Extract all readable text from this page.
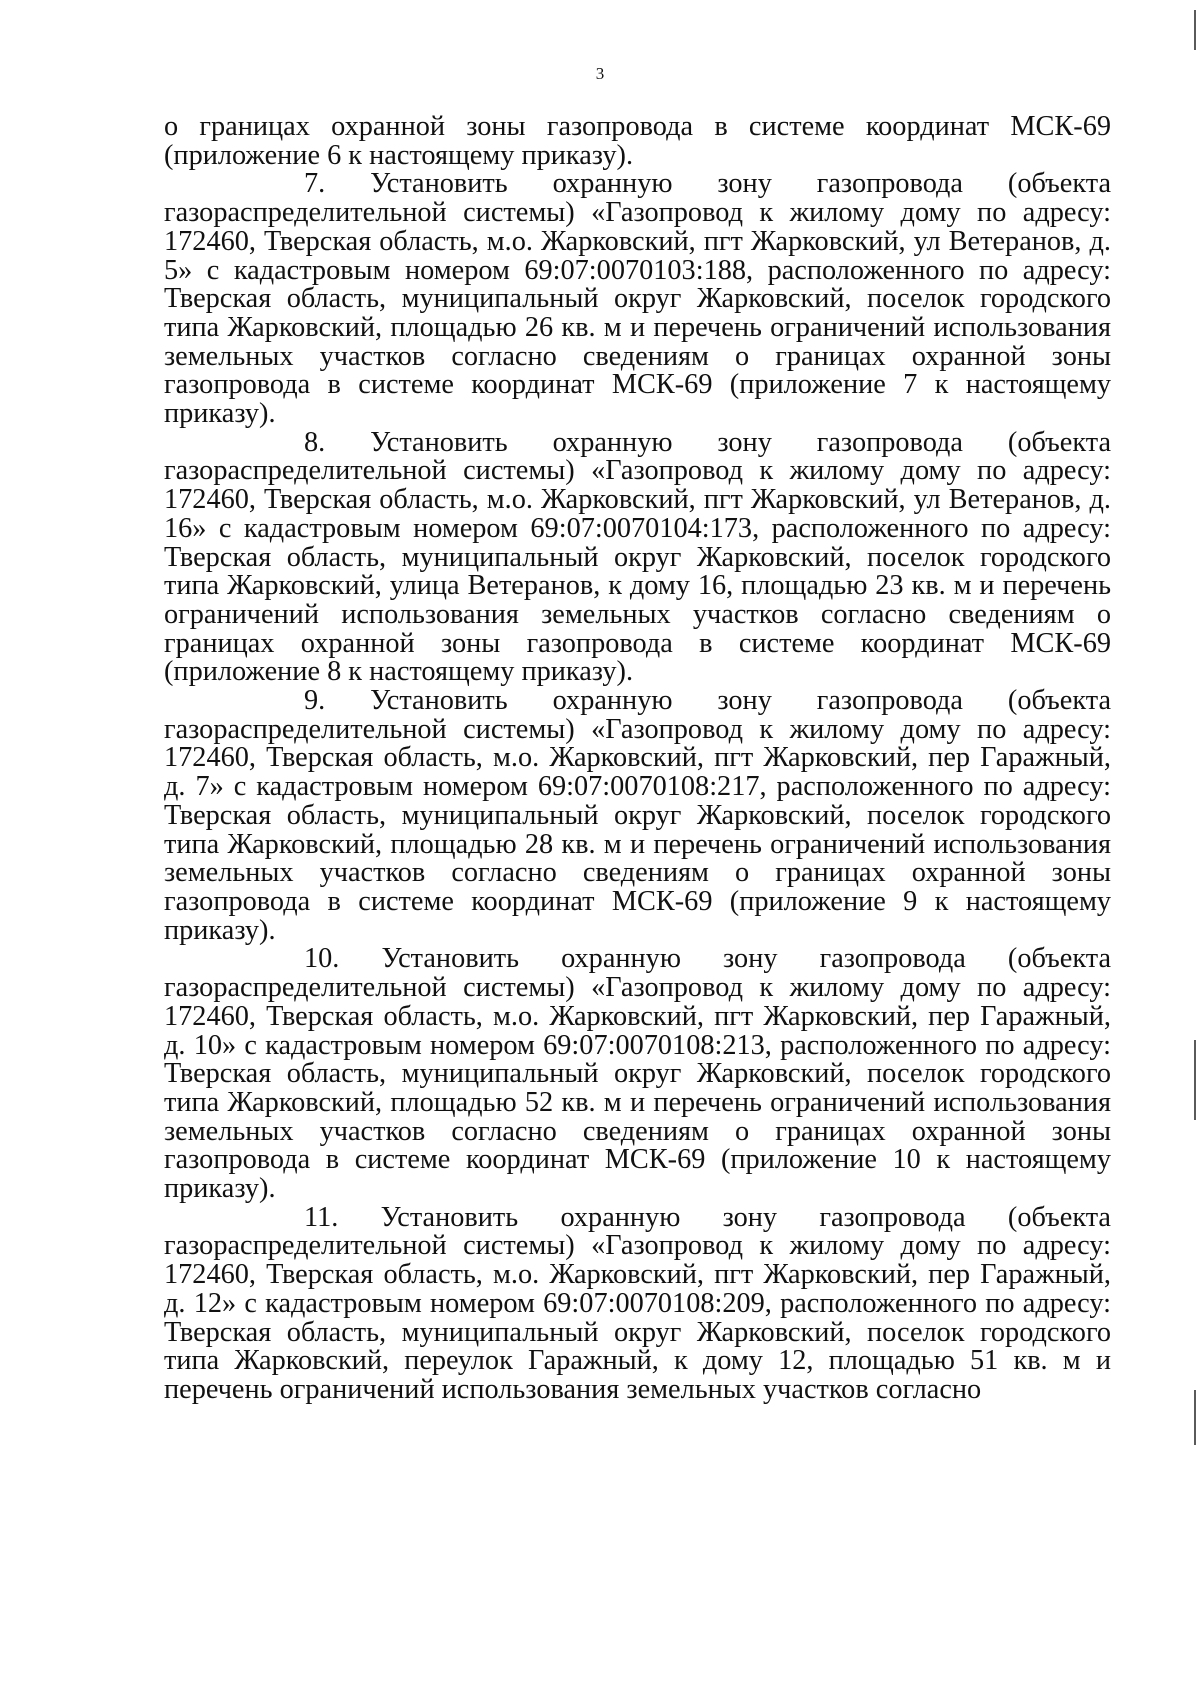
3

о границах охранной зоны газопровода в системе координат МСК-69 (приложение 6 к настоящему приказу).

7. Установить охранную зону газопровода (объекта газораспределительной системы) «Газопровод к жилому дому по адресу: 172460, Тверская область, м.о. Жарковский, пгт Жарковский, ул Ветеранов, д. 5» с кадастровым номером 69:07:0070103:188, расположенного по адресу: Тверская область, муниципальный округ Жарковский, поселок городского типа Жарковский, площадью 26 кв. м и перечень ограничений использования земельных участков согласно сведениям о границах охранной зоны газопровода в системе координат МСК-69 (приложение 7 к настоящему приказу).

8. Установить охранную зону газопровода (объекта газораспределительной системы) «Газопровод к жилому дому по адресу: 172460, Тверская область, м.о. Жарковский, пгт Жарковский, ул Ветеранов, д. 16» с кадастровым номером 69:07:0070104:173, расположенного по адресу: Тверская область, муниципальный округ Жарковский, поселок городского типа Жарковский, улица Ветеранов, к дому 16, площадью 23 кв. м и перечень ограничений использования земельных участков согласно сведениям о границах охранной зоны газопровода в системе координат МСК-69 (приложение 8 к настоящему приказу).

9. Установить охранную зону газопровода (объекта газораспределительной системы) «Газопровод к жилому дому по адресу: 172460, Тверская область, м.о. Жарковский, пгт Жарковский, пер Гаражный, д. 7» с кадастровым номером 69:07:0070108:217, расположенного по адресу: Тверская область, муниципальный округ Жарковский, поселок городского типа Жарковский, площадью 28 кв. м и перечень ограничений использования земельных участков согласно сведениям о границах охранной зоны газопровода в системе координат МСК-69 (приложение 9 к настоящему приказу).

10. Установить охранную зону газопровода (объекта газораспределительной системы) «Газопровод к жилому дому по адресу: 172460, Тверская область, м.о. Жарковский, пгт Жарковский, пер Гаражный, д. 10» с кадастровым номером 69:07:0070108:213, расположенного по адресу: Тверская область, муниципальный округ Жарковский, поселок городского типа Жарковский, площадью 52 кв. м и перечень ограничений использования земельных участков согласно сведениям о границах охранной зоны газопровода в системе координат МСК-69 (приложение 10 к настоящему приказу).

11. Установить охранную зону газопровода (объекта газораспределительной системы) «Газопровод к жилому дому по адресу: 172460, Тверская область, м.о. Жарковский, пгт Жарковский, пер Гаражный, д. 12» с кадастровым номером 69:07:0070108:209, расположенного по адресу: Тверская область, муниципальный округ Жарковский, поселок городского типа Жарковский, переулок Гаражный, к дому 12, площадью 51 кв. м и перечень ограничений использования земельных участков согласно
